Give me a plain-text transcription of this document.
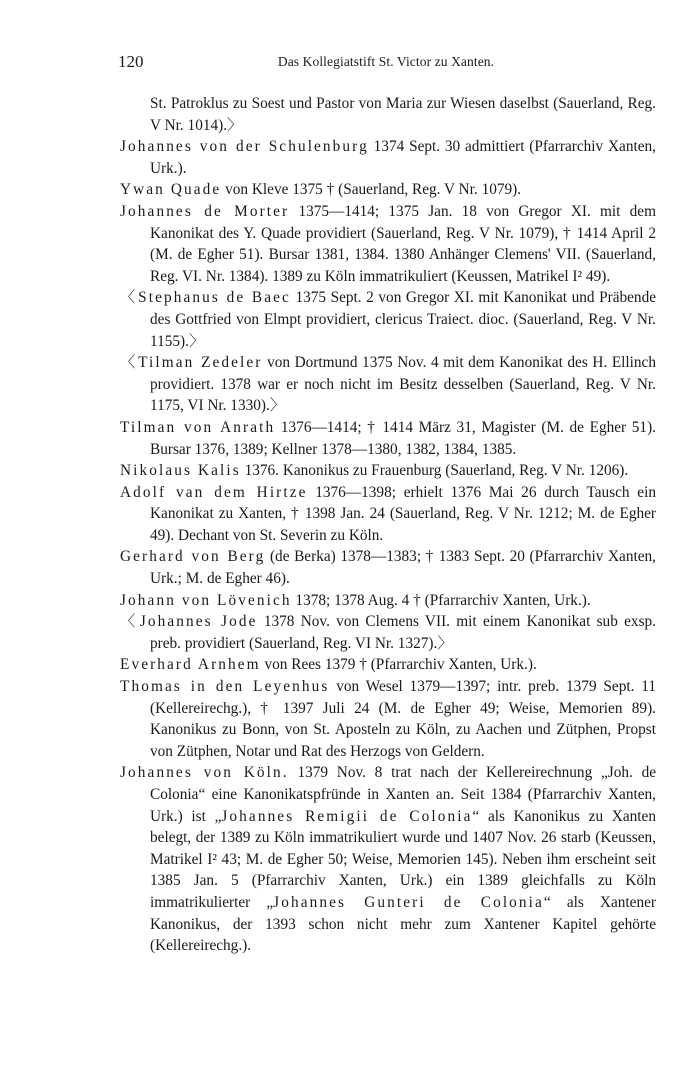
120	Das Kollegiatstift St. Victor zu Xanten.

St. Patroklus zu Soest und Pastor von Maria zur Wiesen daselbst (Sauerland, Reg. V Nr. 1014).〉

Johannes von der Schulenburg 1374 Sept. 30 admittiert (Pfarrarchiv Xanten, Urk.).

Ywan Quade von Kleve 1375 † (Sauerland, Reg. V Nr. 1079).

Johannes de Morter 1375—1414; 1375 Jan. 18 von Gregor XI. mit dem Kanonikat des Y. Quade providiert (Sauerland, Reg. V Nr. 1079), † 1414 April 2 (M. de Egher 51). Bursar 1381, 1384. 1380 Anhänger Clemens' VII. (Sauerland, Reg. VI. Nr. 1384). 1389 zu Köln immatrikuliert (Keussen, Matrikel I² 49).

〈Stephanus de Baec 1375 Sept. 2 von Gregor XI. mit Kanonikat und Präbende des Gottfried von Elmpt providiert, clericus Traiect. dioc. (Sauerland, Reg. V Nr. 1155).〉

〈Tilman Zedeler von Dortmund 1375 Nov. 4 mit dem Kanonikat des H. Ellinch providiert. 1378 war er noch nicht im Besitz desselben (Sauerland, Reg. V Nr. 1175, VI Nr. 1330).〉

Tilman von Anrath 1376—1414; † 1414 März 31, Magister (M. de Egher 51). Bursar 1376, 1389; Kellner 1378—1380, 1382, 1384, 1385.

Nikolaus Kalis 1376. Kanonikus zu Frauenburg (Sauerland, Reg. V Nr. 1206).

Adolf van dem Hirtze 1376—1398; erhielt 1376 Mai 26 durch Tausch ein Kanonikat zu Xanten, † 1398 Jan. 24 (Sauerland, Reg. V Nr. 1212; M. de Egher 49). Dechant von St. Severin zu Köln.

Gerhard von Berg (de Berka) 1378—1383; † 1383 Sept. 20 (Pfarrarchiv Xanten, Urk.; M. de Egher 46).

Johann von Lövenich 1378; 1378 Aug. 4 † (Pfarrarchiv Xanten, Urk.).

〈Johannes Jode 1378 Nov. von Clemens VII. mit einem Kanonikat sub exsp. preb. providiert (Sauerland, Reg. VI Nr. 1327).〉

Everhard Arnhem von Rees 1379 † (Pfarrarchiv Xanten, Urk.).

Thomas in den Leyenhus von Wesel 1379—1397; intr. preb. 1379 Sept. 11 (Kellereirechg.), † 1397 Juli 24 (M. de Egher 49; Weise, Memorien 89). Kanonikus zu Bonn, von St. Aposteln zu Köln, zu Aachen und Zütphen, Propst von Zütphen, Notar und Rat des Herzogs von Geldern.

Johannes von Köln. 1379 Nov. 8 trat nach der Kellereirechnung „Joh. de Colonia“ eine Kanonikatspfründe in Xanten an. Seit 1384 (Pfarrarchiv Xanten, Urk.) ist „Johannes Remigii de Colonia“ als Kanonikus zu Xanten belegt, der 1389 zu Köln immatrikuliert wurde und 1407 Nov. 26 starb (Keussen, Matrikel I² 43; M. de Egher 50; Weise, Memorien 145). Neben ihm erscheint seit 1385 Jan. 5 (Pfarrarchiv Xanten, Urk.) ein 1389 gleichfalls zu Köln immatrikulierter „Johannes Gunteri de Colonia“ als Xantener Kanonikus, der 1393 schon nicht mehr zum Xantener Kapitel gehörte (Kellereirechg.).
